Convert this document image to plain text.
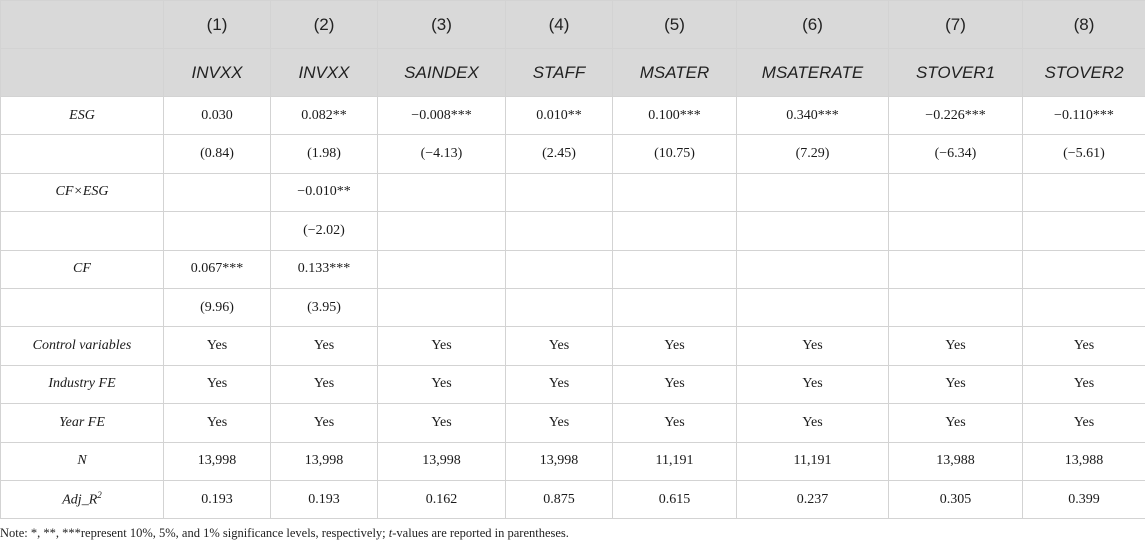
	(1)	(2)	(3)	(4)	(5)	(6)	(7)	(8)
	INVXX	INVXX	SAINDEX	STAFF	MSATER	MSATERATE	STOVER1	STOVER2
ESG	0.030	0.082**	−0.008***	0.010**	0.100***	0.340***	−0.226***	−0.110***
	(0.84)	(1.98)	(−4.13)	(2.45)	(10.75)	(7.29)	(−6.34)	(−5.61)
CF×ESG		−0.010**						
		(−2.02)						
CF	0.067***	0.133***						
	(9.96)	(3.95)						
Control variables	Yes	Yes	Yes	Yes	Yes	Yes	Yes	Yes
Industry FE	Yes	Yes	Yes	Yes	Yes	Yes	Yes	Yes
Year FE	Yes	Yes	Yes	Yes	Yes	Yes	Yes	Yes
N	13,998	13,998	13,998	13,998	11,191	11,191	13,988	13,988
$Adj\_R^2$	0.193	0.193	0.162	0.875	0.615	0.237	0.305	0.399
Note: *, **, ***represent 10%, 5%, and 1% significance levels, respectively; t-values are reported in parentheses.
